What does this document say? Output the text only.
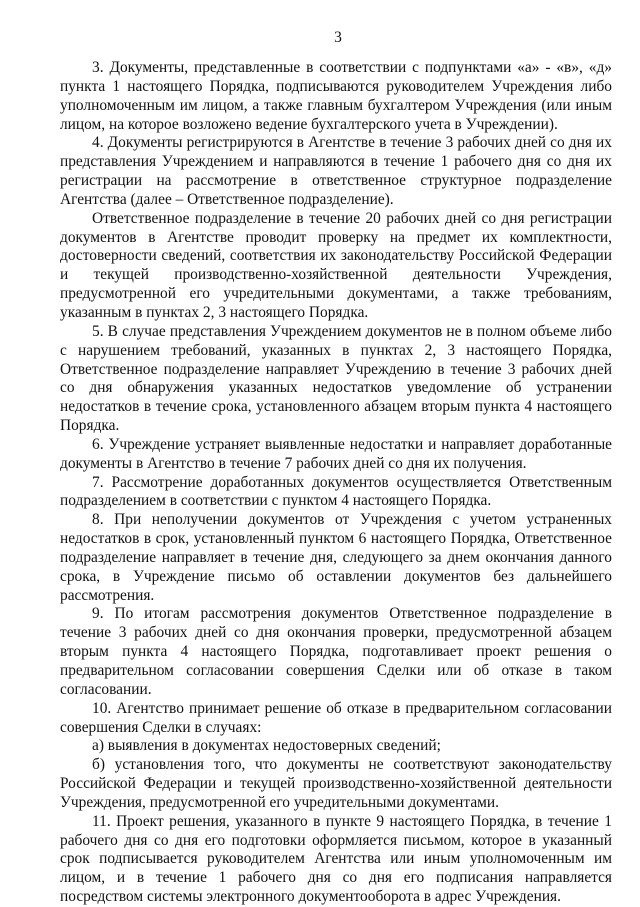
3

3. Документы, представленные в соответствии с подпунктами «а» - «в», «д» пункта 1 настоящего Порядка, подписываются руководителем Учреждения либо уполномоченным им лицом, а также главным бухгалтером Учреждения (или иным лицом, на которое возложено ведение бухгалтерского учета в Учреждении).

4. Документы регистрируются в Агентстве в течение 3 рабочих дней со дня их представления Учреждением и направляются в течение 1 рабочего дня со дня их регистрации на рассмотрение в ответственное структурное подразделение Агентства (далее – Ответственное подразделение).

Ответственное подразделение в течение 20 рабочих дней со дня регистрации документов в Агентстве проводит проверку на предмет их комплектности, достоверности сведений, соответствия их законодательству Российской Федерации и текущей производственно-хозяйственной деятельности Учреждения, предусмотренной его учредительными документами, а также требованиям, указанным в пунктах 2, 3 настоящего Порядка.

5. В случае представления Учреждением документов не в полном объеме либо с нарушением требований, указанных в пунктах 2, 3 настоящего Порядка, Ответственное подразделение направляет Учреждению в течение 3 рабочих дней со дня обнаружения указанных недостатков уведомление об устранении недостатков в течение срока, установленного абзацем вторым пункта 4 настоящего Порядка.

6. Учреждение устраняет выявленные недостатки и направляет доработанные документы в Агентство в течение 7 рабочих дней со дня их получения.

7. Рассмотрение доработанных документов осуществляется Ответственным подразделением в соответствии с пунктом 4 настоящего Порядка.

8. При неполучении документов от Учреждения с учетом устраненных недостатков в срок, установленный пунктом 6 настоящего Порядка, Ответственное подразделение направляет в течение дня, следующего за днем окончания данного срока, в Учреждение письмо об оставлении документов без дальнейшего рассмотрения.

9. По итогам рассмотрения документов Ответственное подразделение в течение 3 рабочих дней со дня окончания проверки, предусмотренной абзацем вторым пункта 4 настоящего Порядка, подготавливает проект решения о предварительном согласовании совершения Сделки или об отказе в таком согласовании.

10. Агентство принимает решение об отказе в предварительном согласовании совершения Сделки в случаях:

а) выявления в документах недостоверных сведений;

б) установления того, что документы не соответствуют законодательству Российской Федерации и текущей производственно-хозяйственной деятельности Учреждения, предусмотренной его учредительными документами.

11. Проект решения, указанного в пункте 9 настоящего Порядка, в течение 1 рабочего дня со дня его подготовки оформляется письмом, которое в указанный срок подписывается руководителем Агентства или иным уполномоченным им лицом, и в течение 1 рабочего дня со дня его подписания направляется посредством системы электронного документооборота в адрес Учреждения.
